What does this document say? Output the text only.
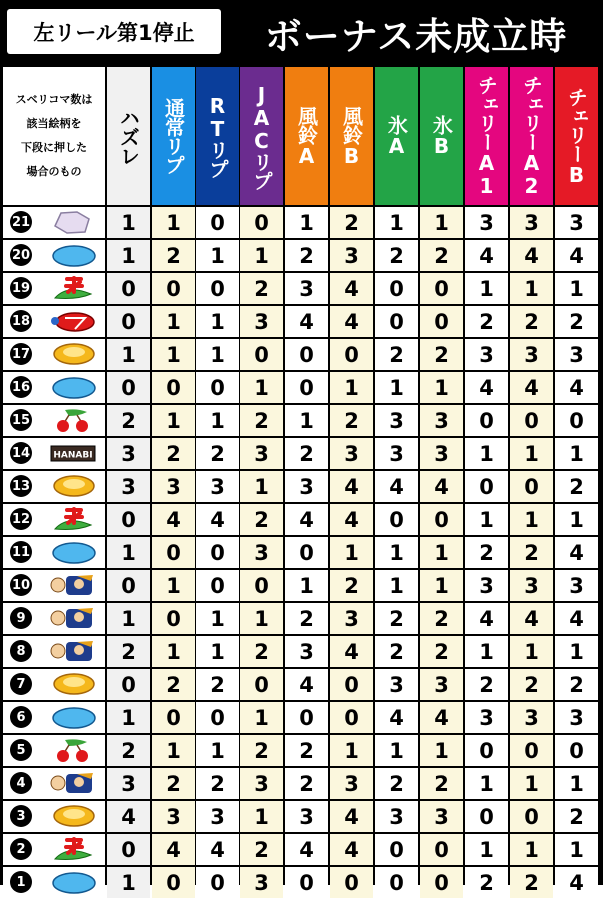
左リール第1停止	ボーナス未成立時
スベリコマ数は
該当絵柄を
下段に押した
場合のもの
ハズレ 通常リプ RTリプ JACリプ 風鈴A 風鈴B 氷A 氷B チェリーA1 チェリーA2 チェリーB
21	1	1	0	0	1	2	1	1	3	3	3
20	1	2	1	1	2	3	2	2	4	4	4
19	0	0	0	2	3	4	0	0	1	1	1
18	0	1	1	3	4	4	0	0	2	2	2
17	1	1	1	0	0	0	2	2	3	3	3
16	0	0	0	1	0	1	1	1	4	4	4
15	2	1	1	2	1	2	3	3	0	0	0
14	HANABI	3	2	2	3	2	3	3	3	1	1	1
13	3	3	3	1	3	4	4	4	0	0	2
12	0	4	4	2	4	4	0	0	1	1	1
11	1	0	0	3	0	1	1	1	2	2	4
10	0	1	0	0	1	2	1	1	3	3	3
9	1	0	1	1	2	3	2	2	4	4	4
8	2	1	1	2	3	4	2	2	1	1	1
7	0	2	2	0	4	0	3	3	2	2	2
6	1	0	0	1	0	0	4	4	3	3	3
5	2	1	1	2	2	1	1	1	0	0	0
4	3	2	2	3	2	3	2	2	1	1	1
3	4	3	3	1	3	4	3	3	0	0	2
2	0	4	4	2	4	4	0	0	1	1	1
1	1	0	0	3	0	0	0	0	2	2	4
